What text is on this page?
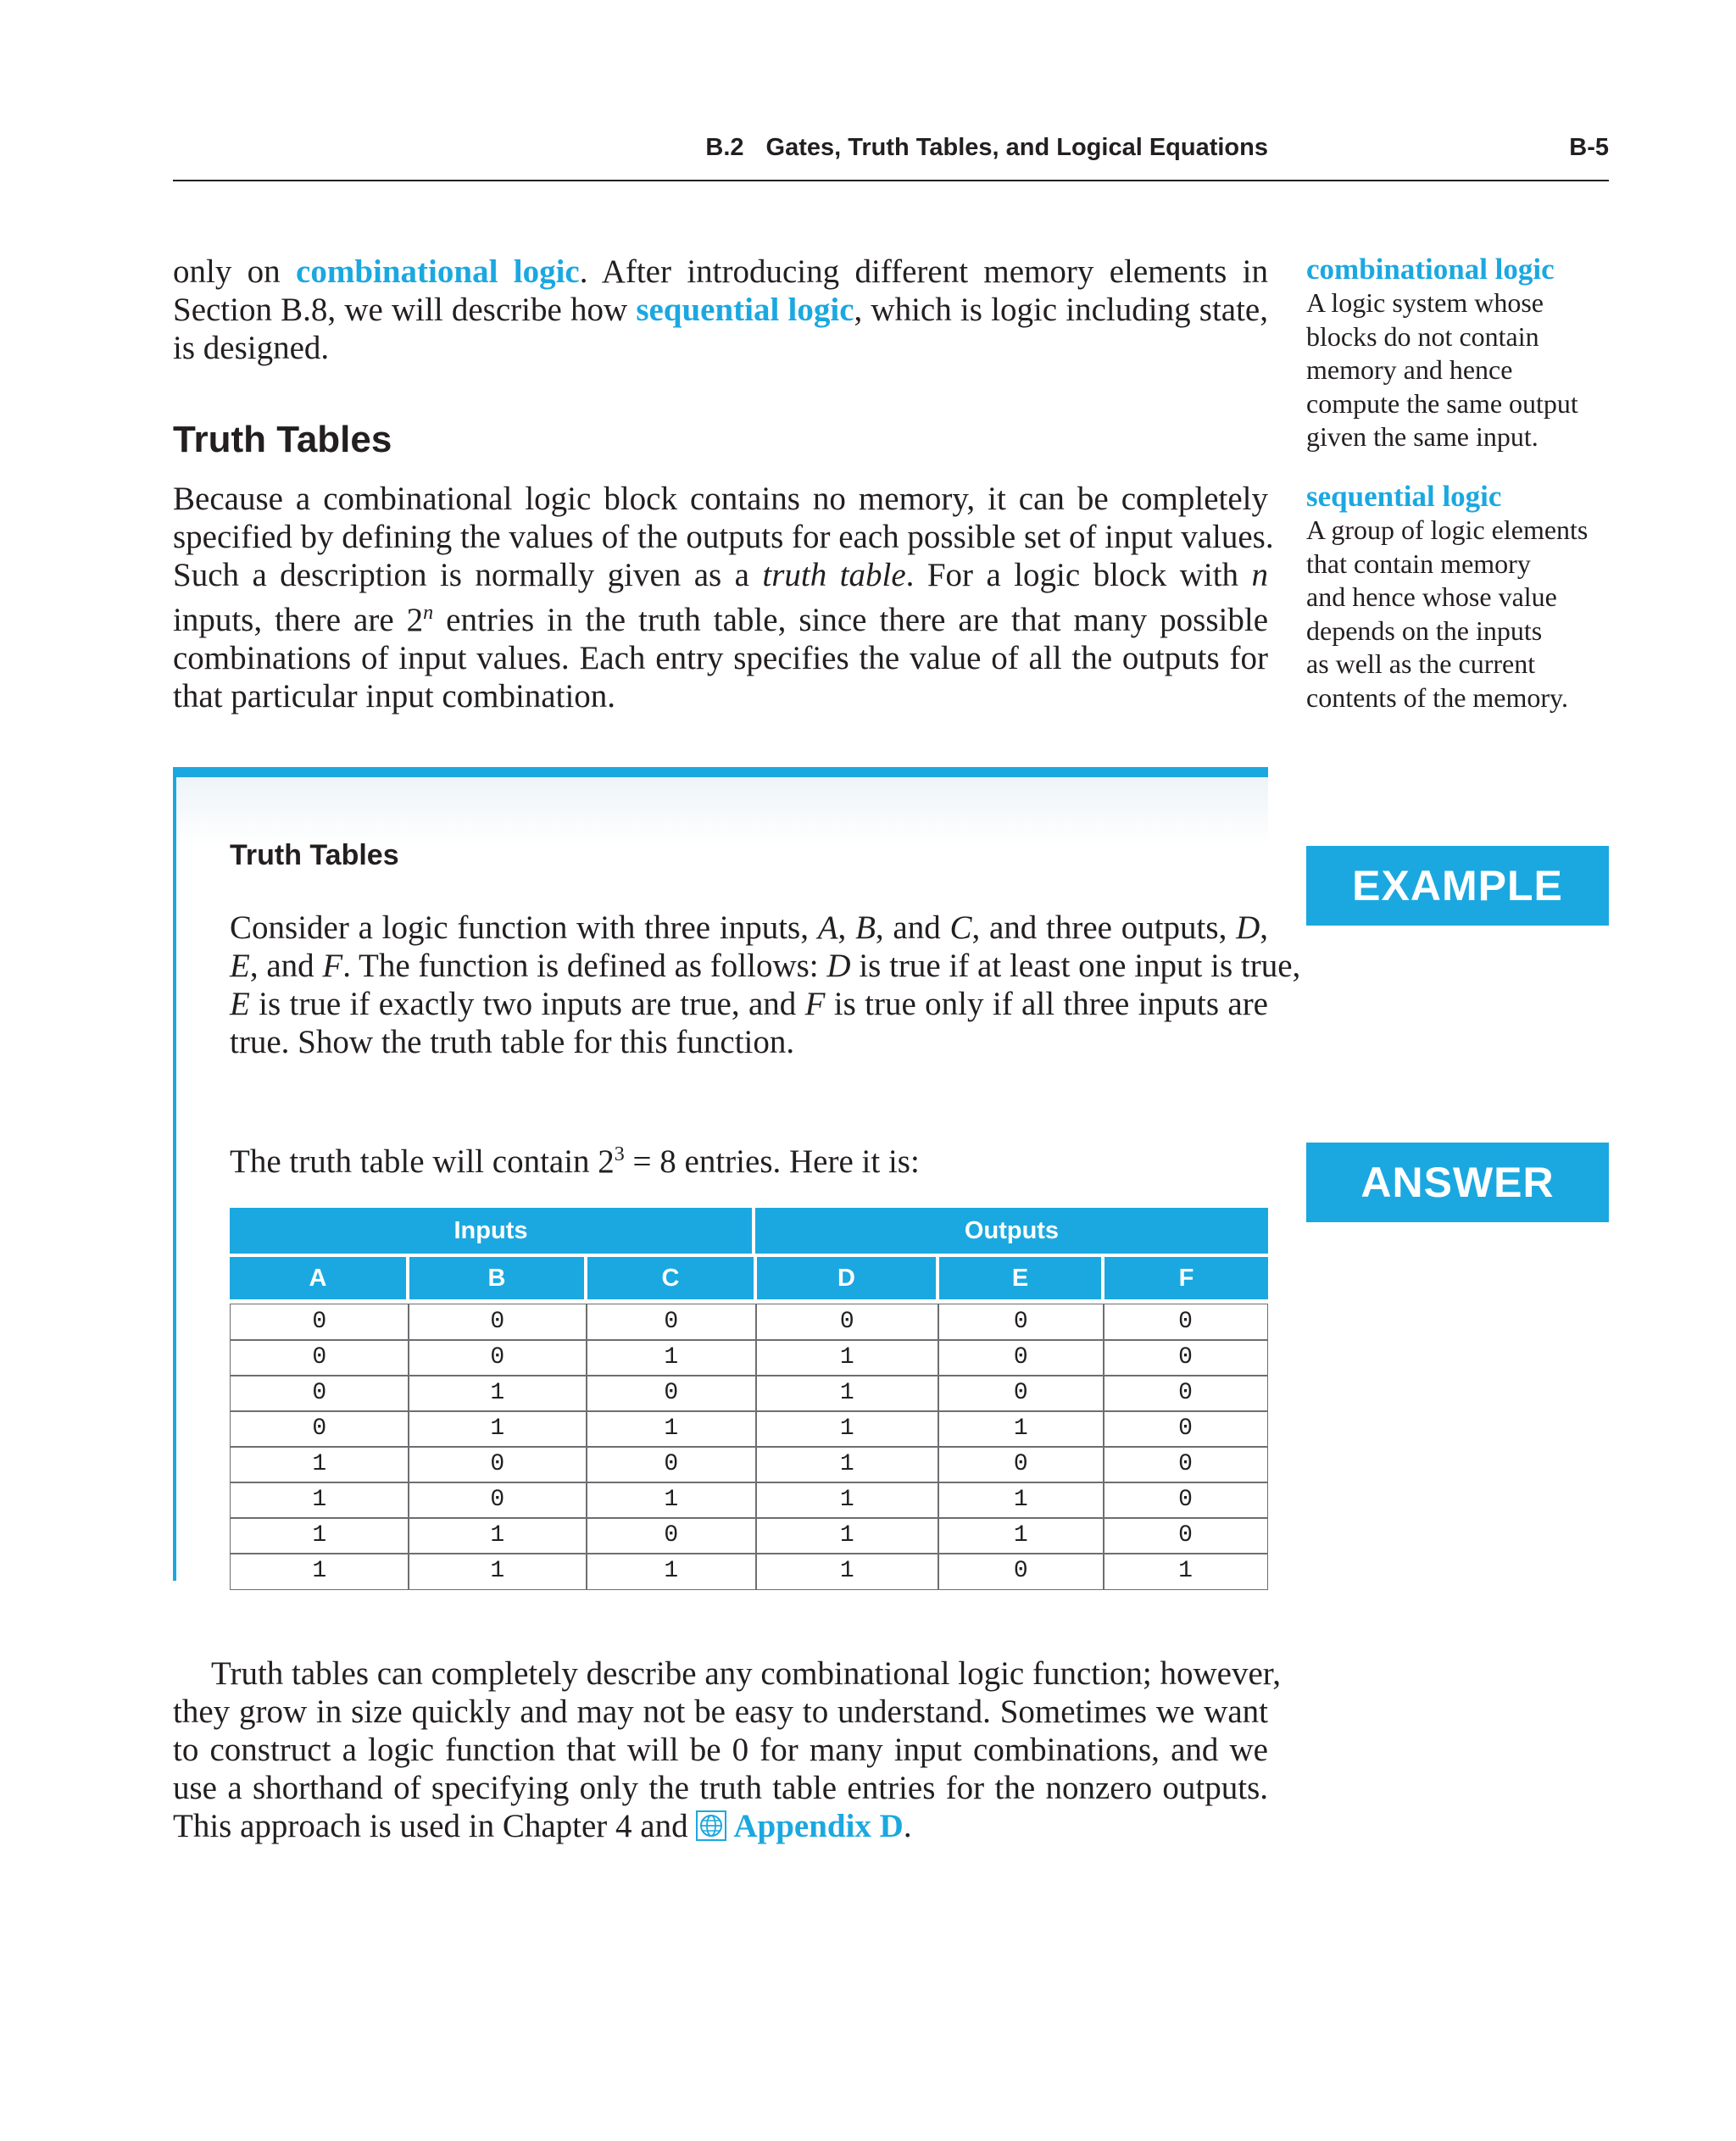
B.2 Gates, Truth Tables, and Logical Equations	B-5
only on combinational logic. After introducing different memory elements in
Section B.8, we will describe how sequential logic, which is logic including state,
is designed.
Truth Tables
Because a combinational logic block contains no memory, it can be completely
specified by defining the values of the outputs for each possible set of input values.
Such a description is normally given as a truth table. For a logic block with n
inputs, there are 2$^n$ entries in the truth table, since there are that many possible
combinations of input values. Each entry specifies the value of all the outputs for
that particular input combination.
combinational logic
A logic system whose
blocks do not contain
memory and hence
compute the same output
given the same input.
sequential logic
A group of logic elements
that contain memory
and hence whose value
depends on the inputs
as well as the current
contents of the memory.
Truth Tables
EXAMPLE
Consider a logic function with three inputs, A, B, and C, and three outputs, D,
E, and F. The function is defined as follows: D is true if at least one input is true,
E is true if exactly two inputs are true, and F is true only if all three inputs are
true. Show the truth table for this function.
ANSWER
The truth table will contain $2^3 = 8$ entries. Here it is:
Inputs	Outputs
A	B	C	D	E	F
0	0	0	0	0	0
0	0	1	1	0	0
0	1	0	1	0	0
0	1	1	1	1	0
1	0	0	1	0	0
1	0	1	1	1	0
1	1	0	1	1	0
1	1	1	1	0	1
Truth tables can completely describe any combinational logic function; however,
they grow in size quickly and may not be easy to understand. Sometimes we want
to construct a logic function that will be 0 for many input combinations, and we
use a shorthand of specifying only the truth table entries for the nonzero outputs.
This approach is used in Chapter 4 and Appendix D.
